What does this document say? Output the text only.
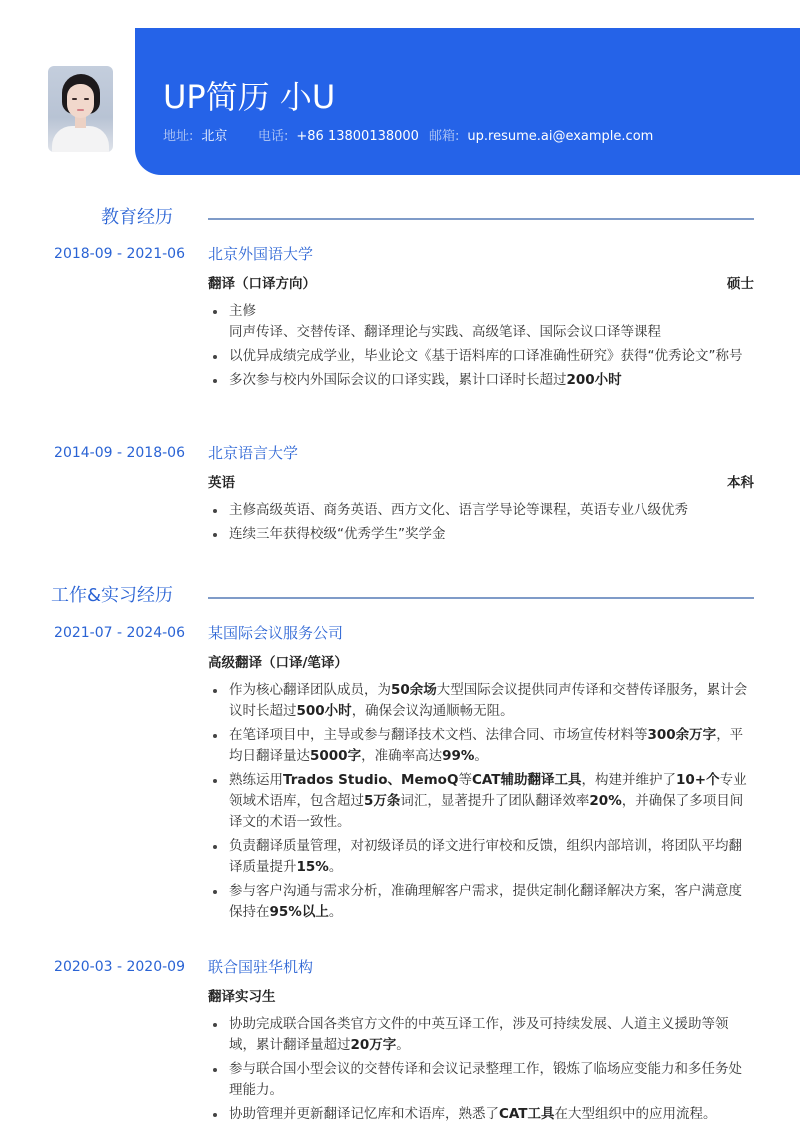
UP简历 小U
地址: 北京 电话: +86 13800138000 邮箱: up.resume.ai@example.com
教育经历
2018-09 - 2021-06 北京外国语大学
翻译（口译方向）	硕士
主修
同声传译、交替传译、翻译理论与实践、高级笔译、国际会议口译等课程
以优异成绩完成学业，毕业论文《基于语料库的口译准确性研究》获得“优秀论文”称号
多次参与校内外国际会议的口译实践，累计口译时长超过200小时
2014-09 - 2018-06 北京语言大学
英语	本科
主修高级英语、商务英语、西方文化、语言学导论等课程，英语专业八级优秀
连续三年获得校级“优秀学生”奖学金
工作&实习经历
2021-07 - 2024-06 某国际会议服务公司
高级翻译（口译/笔译）
作为核心翻译团队成员，为50余场大型国际会议提供同声传译和交替传译服务，累计会议时长超过500小时，确保会议沟通顺畅无阻。
在笔译项目中，主导或参与翻译技术文档、法律合同、市场宣传材料等300余万字，平均日翻译量达5000字，准确率高达99%。
熟练运用Trados Studio、MemoQ等CAT辅助翻译工具，构建并维护了10+个专业领域术语库，包含超过5万条词汇，显著提升了团队翻译效率20%，并确保了多项目间译文的术语一致性。
负责翻译质量管理，对初级译员的译文进行审校和反馈，组织内部培训，将团队平均翻译质量提升15%。
参与客户沟通与需求分析，准确理解客户需求，提供定制化翻译解决方案，客户满意度保持在95%以上。
2020-03 - 2020-09 联合国驻华机构
翻译实习生
协助完成联合国各类官方文件的中英互译工作，涉及可持续发展、人道主义援助等领域，累计翻译量超过20万字。
参与联合国小型会议的交替传译和会议记录整理工作，锻炼了临场应变能力和多任务处理能力。
协助管理并更新翻译记忆库和术语库，熟悉了CAT工具在大型组织中的应用流程。
